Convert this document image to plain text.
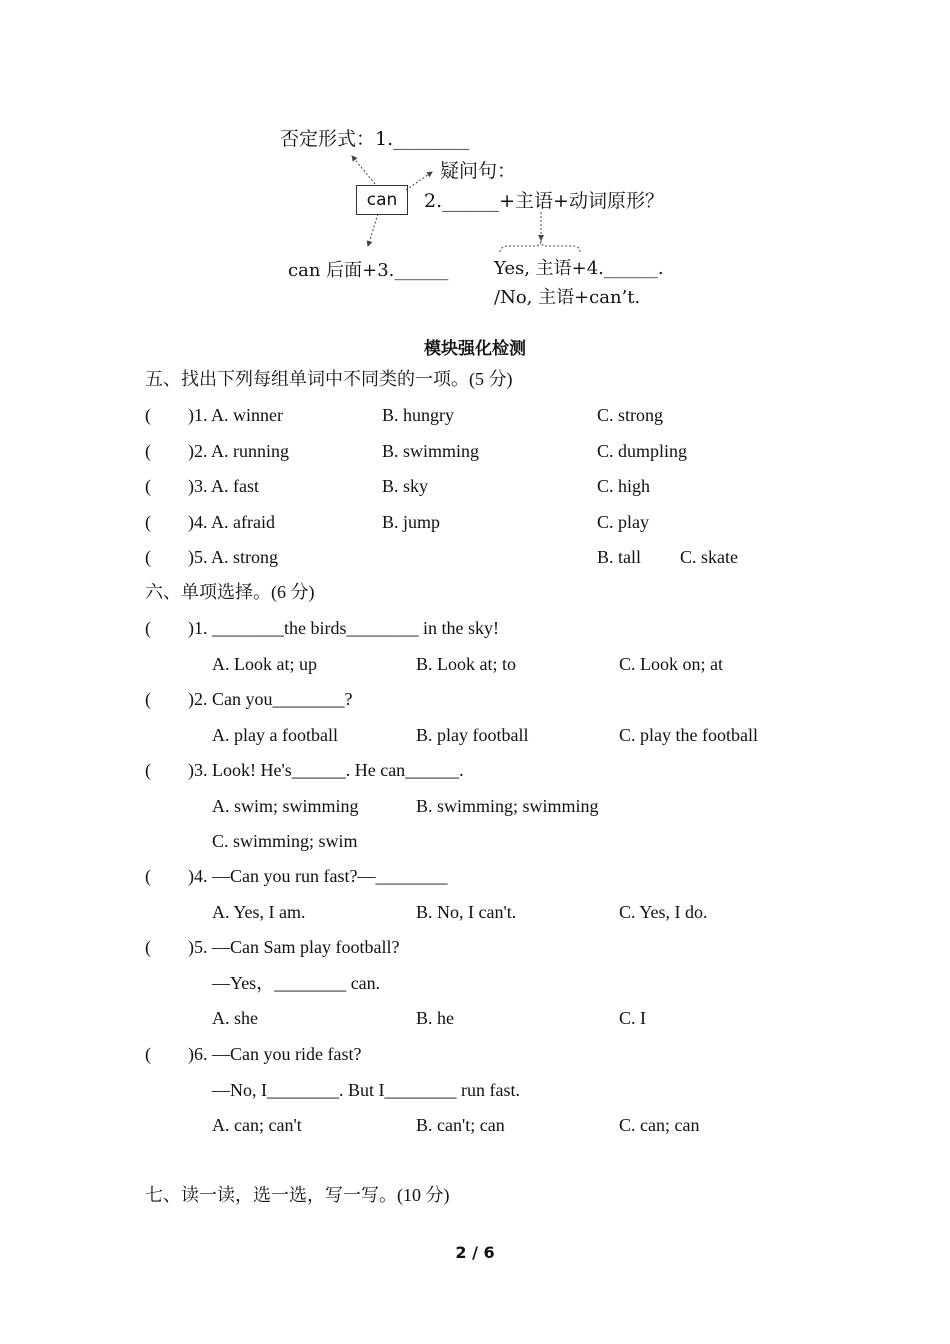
否定形式：1.________
疑问句：
2.______+主语+动词原形？
can
can 后面+3.______	Yes, 主语+4.______.
/No, 主语+can’t.
模块强化检测
五、找出下列每组单词中不同类的一项。(5 分)
( )1. A. winner	B. hungry	C. strong
( )2. A. running	B. swimming	C. dumpling
( )3. A. fast	B. sky	C. high
( )4. A. afraid	B. jump	C. play
( )5. A. strong	B. tall C. skate
六、单项选择。(6 分)
( )1. ________the birds________ in the sky!
A. Look at; up	B. Look at; to	C. Look on; at
( )2. Can you________?
A. play a football	B. play football	C. play the football
( )3. Look! He's______. He can______.
A. swim; swimming	B. swimming; swimming
C. swimming; swim
( )4. —Can you run fast?—________
A. Yes, I am.	B. No, I can't.	C. Yes, I do.
( )5. —Can Sam play football?
—Yes，________ can.
A. she	B. he	C. I
( )6. —Can you ride fast?
—No, I________. But I________ run fast.
A. can; can't	B. can't; can	C. can; can
七、读一读，选一选，写一写。(10 分)
2 / 6
